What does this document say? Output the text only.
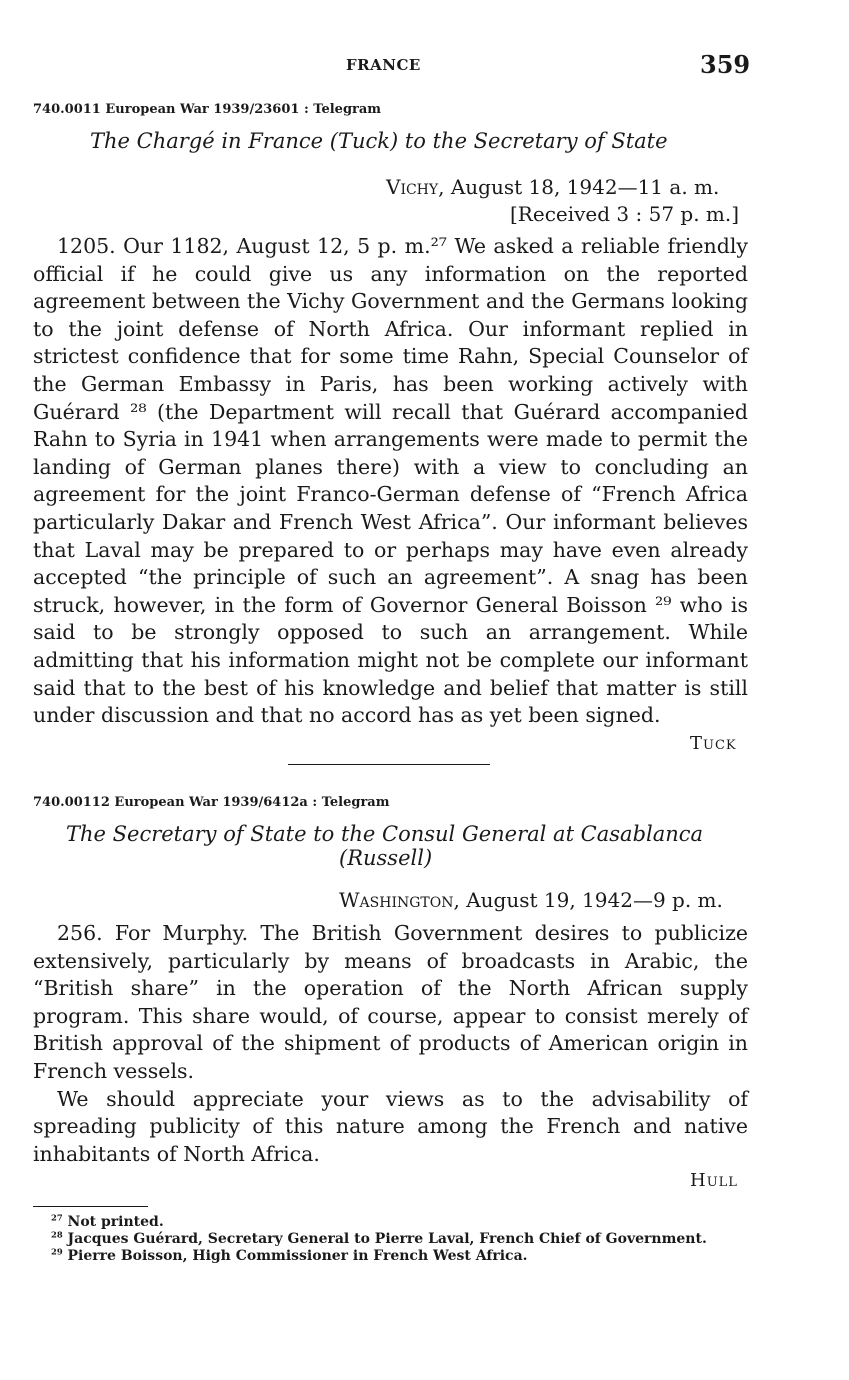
FRANCE	359
740.0011 European War 1939/23601 : Telegram
The Chargé in France (Tuck) to the Secretary of State
Vichy, August 18, 1942—11 a. m.
[Received 3 : 57 p. m.]

1205. Our 1182, August 12, 5 p. m.²⁷ We asked a reliable friendly official if he could give us any information on the reported agreement between the Vichy Government and the Germans looking to the joint defense of North Africa. Our informant replied in strictest confidence that for some time Rahn, Special Counselor of the German Embassy in Paris, has been working actively with Guérard ²⁸ (the Department will recall that Guérard accompanied Rahn to Syria in 1941 when arrangements were made to permit the landing of German planes there) with a view to concluding an agreement for the joint Franco-German defense of “French Africa particularly Dakar and French West Africa”. Our informant believes that Laval may be prepared to or perhaps may have even already accepted “the principle of such an agreement”. A snag has been struck, however, in the form of Governor General Boisson ²⁹ who is said to be strongly opposed to such an arrangement. While admitting that his information might not be complete our informant said that to the best of his knowledge and belief that matter is still under discussion and that no accord has as yet been signed.

Tuck
740.00112 European War 1939/6412a : Telegram
The Secretary of State to the Consul General at Casablanca
(Russell)
Washington, August 19, 1942—9 p. m.

256. For Murphy. The British Government desires to publicize extensively, particularly by means of broadcasts in Arabic, the “British share” in the operation of the North African supply program. This share would, of course, appear to consist merely of British approval of the shipment of products of American origin in French vessels.

We should appreciate your views as to the advisability of spreading publicity of this nature among the French and native inhabitants of North Africa.

Hull

$^{27}$ Not printed.

$^{28}$ Jacques Guérard, Secretary General to Pierre Laval, French Chief of Government.

$^{29}$ Pierre Boisson, High Commissioner in French West Africa.
